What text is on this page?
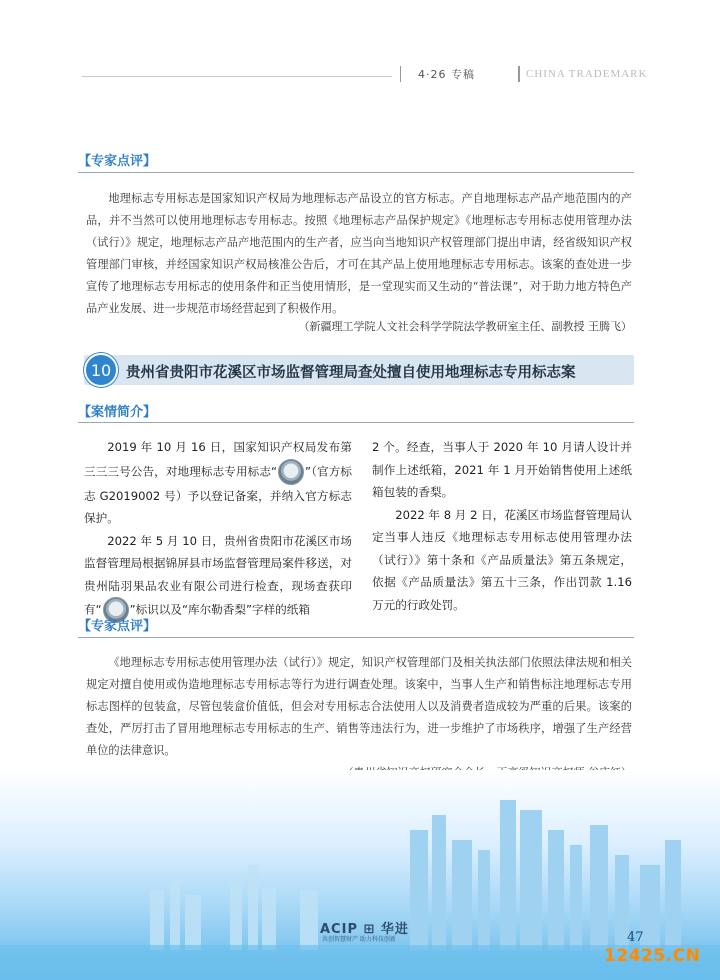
4·26 专稿	CHINA TRADEMARK
【专家点评】
地理标志专用标志是国家知识产权局为地理标志产品设立的官方标志。产自地理标志产品产地范围内的产品，并不当然可以使用地理标志专用标志。按照《地理标志产品保护规定》《地理标志专用标志使用管理办法（试行）》规定，地理标志产品产地范围内的生产者，应当向当地知识产权管理部门提出申请，经省级知识产权管理部门审核，并经国家知识产权局核准公告后，才可在其产品上使用地理标志专用标志。该案的查处进一步宣传了地理标志专用标志的使用条件和正当使用情形，是一堂现实而又生动的“普法课”，对于助力地方特色产品产业发展、进一步规范市场经营起到了积极作用。
（新疆理工学院人文社会科学学院法学教研室主任、副教授 王腾飞）
10	贵州省贵阳市花溪区市场监督管理局查处擅自使用地理标志专用标志案
【案情简介】

2019 年 10 月 16 日，国家知识产权局发布第三三三号公告，对地理标志专用标志“ ”（官方标志 G2019002 号）予以登记备案，并纳入官方标志保护。

2022 年 5 月 10 日，贵州省贵阳市花溪区市场监督管理局根据锦屏县市场监督管理局案件移送，对贵州陆羽果品农业有限公司进行检查，现场查获印有“ ”标识以及“库尔勒香梨”字样的纸箱

2 个。经查，当事人于 2020 年 10 月请人设计并制作上述纸箱，2021 年 1 月开始销售使用上述纸箱包装的香梨。

2022 年 8 月 2 日，花溪区市场监督管理局认定当事人违反《地理标志专用标志使用管理办法（试行）》第十条和《产品质量法》第五条规定，依据《产品质量法》第五十三条，作出罚款 1.16 万元的行政处罚。

【专家点评】
《地理标志专用标志使用管理办法（试行）》规定，知识产权管理部门及相关执法部门依照法律法规和相关规定对擅自使用或伪造地理标志专用标志等行为进行调查处理。该案中，当事人生产和销售标注地理标志专用标志图样的包装盒，尽管包装盒价值低，但会对专用标志合法使用人以及消费者造成较为严重的后果。该案的查处，严厉打击了冒用地理标志专用标志的生产、销售等违法行为，进一步维护了市场秩序，增强了生产经营单位的法律意识。
ACIP ⊞ 华进
共创智慧财产 助力科技创新	47
12425.CN
